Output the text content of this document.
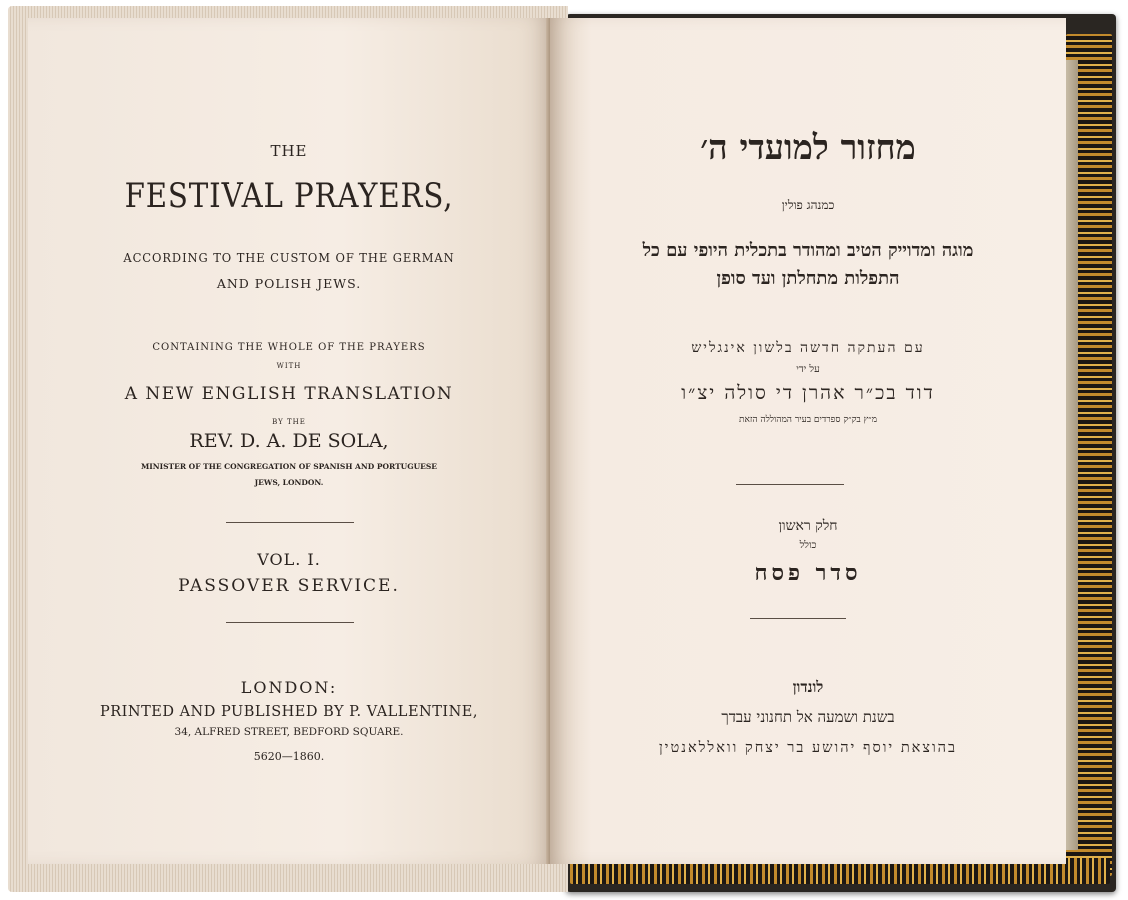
THE
FESTIVAL PRAYERS,
ACCORDING TO THE CUSTOM OF THE GERMAN
AND POLISH JEWS.
CONTAINING THE WHOLE OF THE PRAYERS
WITH
A NEW ENGLISH TRANSLATION
BY THE
REV. D. A. DE SOLA,
MINISTER OF THE CONGREGATION OF SPANISH AND PORTUGUESE
JEWS, LONDON.
VOL. I.
PASSOVER SERVICE.
LONDON:
PRINTED AND PUBLISHED BY P. VALLENTINE,
34, ALFRED STREET, BEDFORD SQUARE.
5620—1860.
מחזור למועדי ה׳
כמנהג פולין
מוגה ומדוייק הטיב ומהודר בתכלית היופי עם כל
התפלות מתחלתן ועד סופן
עם העתקה חדשה בלשון אינגליש
על ידי
דוד בכ״ר אהרן די סולה יצ״ו
מ״ץ בק״ק ספרדים בעיר המהוללה הזאת
חלק ראשון
כולל
סדר פסח
לונדון
בשנת ושמעה אל תחנוני עבדך
בהוצאת יוסף יהושע בר יצחק וואללאנטין
